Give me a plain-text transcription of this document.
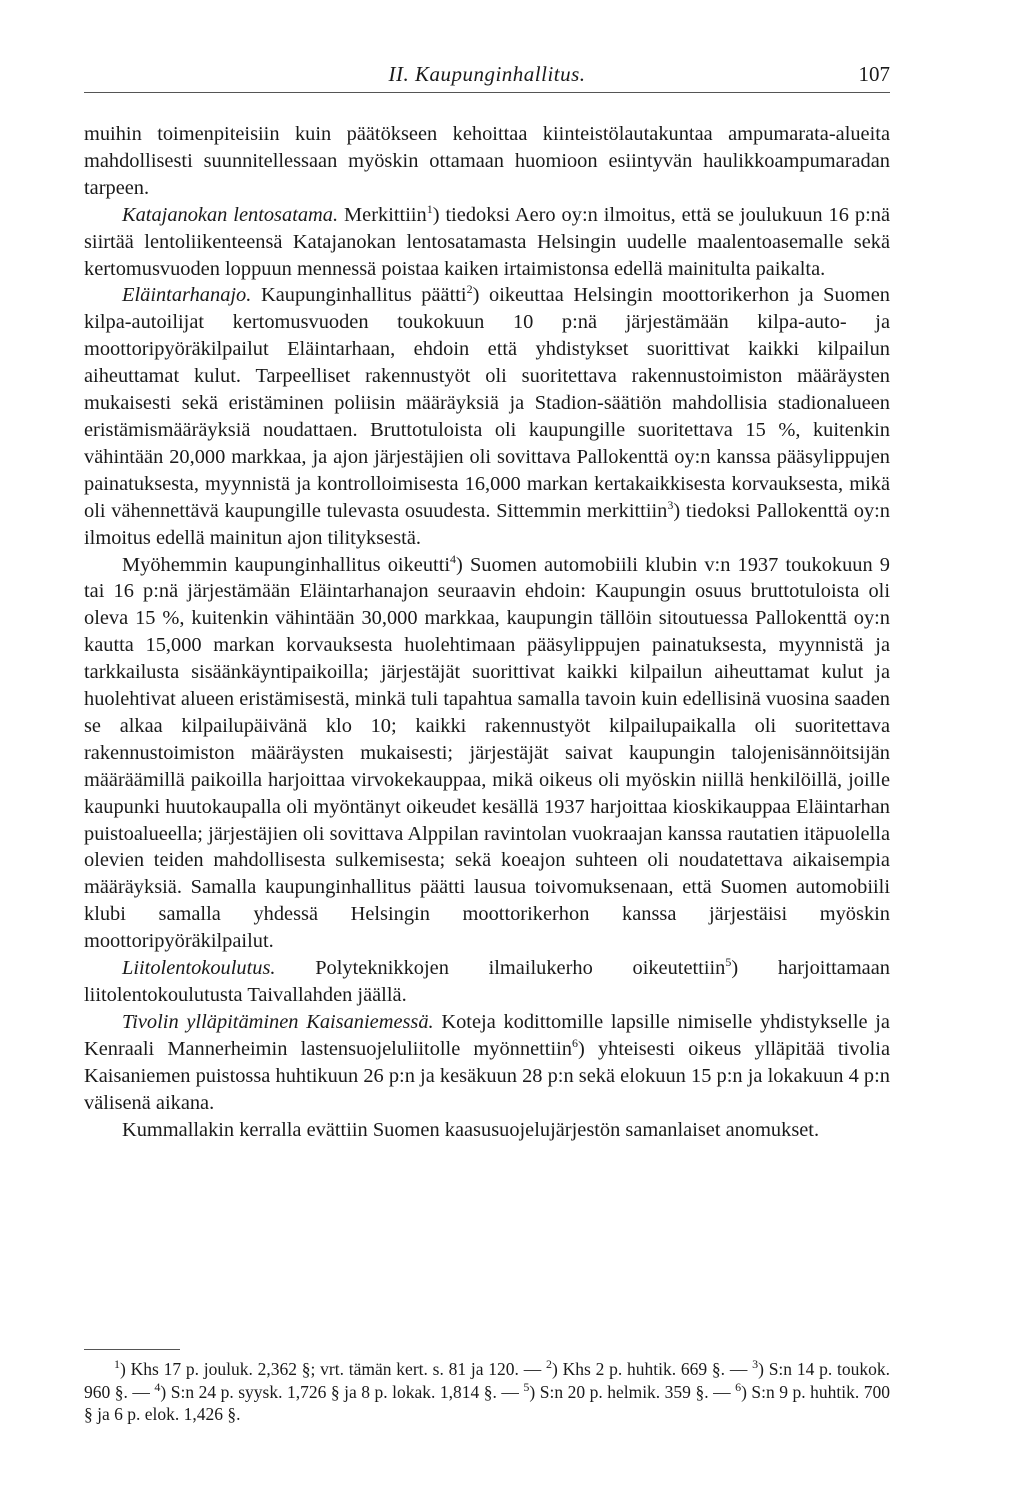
II. Kaupunginhallitus.	107

muihin toimenpiteisiin kuin päätökseen kehoittaa kiinteistölautakuntaa ampumarata-alueita mahdollisesti suunnitellessaan myöskin ottamaan huomioon esiintyvän haulikkoampumaradan tarpeen.

Katajanokan lentosatama. Merkittiin$^1$) tiedoksi Aero oy:n ilmoitus, että se joulukuun 16 p:nä siirtää lentoliikenteensä Katajanokan lentosatamasta Helsingin uudelle maalentoasemalle sekä kertomusvuoden loppuun mennessä poistaa kaiken irtaimistonsa edellä mainitulta paikalta.

Eläintarhanajo. Kaupunginhallitus päätti$^2$) oikeuttaa Helsingin moottorikerhon ja Suomen kilpa-autoilijat kertomusvuoden toukokuun 10 p:nä järjestämään kilpa-auto- ja moottoripyöräkilpailut Eläintarhaan, ehdoin että yhdistykset suorittivat kaikki kilpailun aiheuttamat kulut. Tarpeelliset rakennustyöt oli suoritettava rakennustoimiston määräysten mukaisesti sekä eristäminen poliisin määräyksiä ja Stadion-säätiön mahdollisia stadionalueen eristämismääräyksiä noudattaen. Bruttotuloista oli kaupungille suoritettava 15 %, kuitenkin vähintään 20,000 markkaa, ja ajon järjestäjien oli sovittava Pallokenttä oy:n kanssa pääsylippujen painatuksesta, myynnistä ja kontrolloimisesta 16,000 markan kertakaikkisesta korvauksesta, mikä oli vähennettävä kaupungille tulevasta osuudesta. Sittemmin merkittiin$^3$) tiedoksi Pallokenttä oy:n ilmoitus edellä mainitun ajon tilityksestä.

Myöhemmin kaupunginhallitus oikeutti$^4$) Suomen automobiili klubin v:n 1937 toukokuun 9 tai 16 p:nä järjestämään Eläintarhanajon seuraavin ehdoin: Kaupungin osuus bruttotuloista oli oleva 15 %, kuitenkin vähintään 30,000 markkaa, kaupungin tällöin sitoutuessa Pallokenttä oy:n kautta 15,000 markan korvauksesta huolehtimaan pääsylippujen painatuksesta, myynnistä ja tarkkailusta sisäänkäyntipaikoilla; järjestäjät suorittivat kaikki kilpailun aiheuttamat kulut ja huolehtivat alueen eristämisestä, minkä tuli tapahtua samalla tavoin kuin edellisinä vuosina saaden se alkaa kilpailupäivänä klo 10; kaikki rakennustyöt kilpailupaikalla oli suoritettava rakennustoimiston määräysten mukaisesti; järjestäjät saivat kaupungin talojenisännöitsijän määräämillä paikoilla harjoittaa virvokekauppaa, mikä oikeus oli myöskin niillä henkilöillä, joille kaupunki huutokaupalla oli myöntänyt oikeudet kesällä 1937 harjoittaa kioskikauppaa Eläintarhan puistoalueella; järjestäjien oli sovittava Alppilan ravintolan vuokraajan kanssa rautatien itäpuolella olevien teiden mahdollisesta sulkemisesta; sekä koeajon suhteen oli noudatettava aikaisempia määräyksiä. Samalla kaupunginhallitus päätti lausua toivomuksenaan, että Suomen automobiili klubi samalla yhdessä Helsingin moottorikerhon kanssa järjestäisi myöskin moottoripyöräkilpailut.

Liitolentokoulutus. Polyteknikkojen ilmailukerho oikeutettiin$^5$) harjoittamaan liitolentokoulutusta Taivallahden jäällä.

Tivolin ylläpitäminen Kaisaniemessä. Koteja kodittomille lapsille nimiselle yhdistykselle ja Kenraali Mannerheimin lastensuojeluliitolle myönnettiin$^6$) yhteisesti oikeus ylläpitää tivolia Kaisaniemen puistossa huhtikuun 26 p:n ja kesäkuun 28 p:n sekä elokuun 15 p:n ja lokakuun 4 p:n välisenä aikana.

Kummallakin kerralla evättiin Suomen kaasusuojelujärjestön samanlaiset anomukset.

$^1$) Khs 17 p. jouluk. 2,362 §; vrt. tämän kert. s. 81 ja 120. — $^2$) Khs 2 p. huhtik. 669 §. — $^3$) S:n 14 p. toukok. 960 §. — $^4$) S:n 24 p. syysk. 1,726 § ja 8 p. lokak. 1,814 §. — $^5$) S:n 20 p. helmik. 359 §. — $^6$) S:n 9 p. huhtik. 700 § ja 6 p. elok. 1,426 §.
